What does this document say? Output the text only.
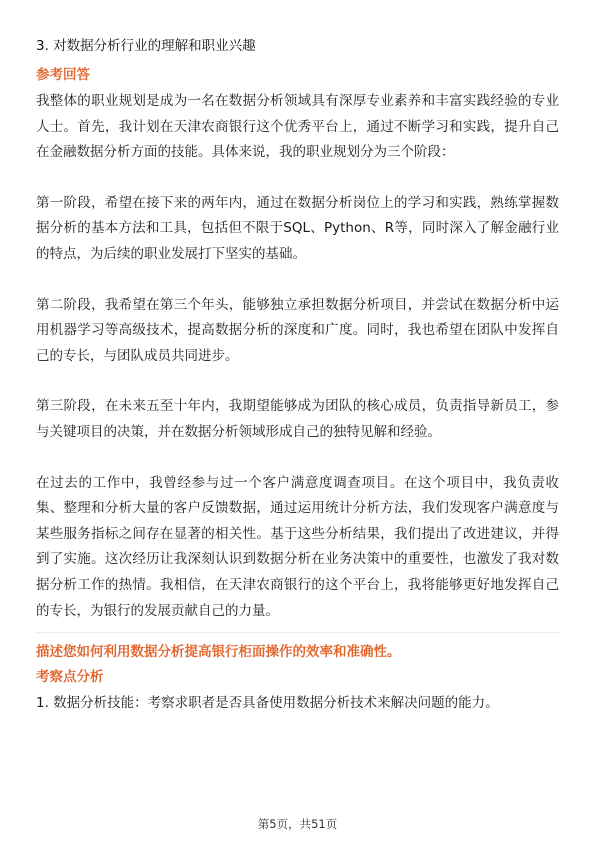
3. 对数据分析行业的理解和职业兴趣
参考回答

我整体的职业规划是成为一名在数据分析领域具有深厚专业素养和丰富实践经验的专业人士。首先，我计划在天津农商银行这个优秀平台上，通过不断学习和实践，提升自己在金融数据分析方面的技能。具体来说，我的职业规划分为三个阶段：

第一阶段，希望在接下来的两年内，通过在数据分析岗位上的学习和实践，熟练掌握数据分析的基本方法和工具，包括但不限于SQL、Python、R等，同时深入了解金融行业的特点，为后续的职业发展打下坚实的基础。

第二阶段，我希望在第三个年头，能够独立承担数据分析项目，并尝试在数据分析中运用机器学习等高级技术，提高数据分析的深度和广度。同时，我也希望在团队中发挥自己的专长，与团队成员共同进步。

第三阶段，在未来五至十年内，我期望能够成为团队的核心成员，负责指导新员工，参与关键项目的决策，并在数据分析领域形成自己的独特见解和经验。

在过去的工作中，我曾经参与过一个客户满意度调查项目。在这个项目中，我负责收集、整理和分析大量的客户反馈数据，通过运用统计分析方法，我们发现客户满意度与某些服务指标之间存在显著的相关性。基于这些分析结果，我们提出了改进建议，并得到了实施。这次经历让我深刻认识到数据分析在业务决策中的重要性，也激发了我对数据分析工作的热情。我相信，在天津农商银行的这个平台上，我将能够更好地发挥自己的专长，为银行的发展贡献自己的力量。

描述您如何利用数据分析提高银行柜面操作的效率和准确性。
考察点分析

1. 数据分析技能：考察求职者是否具备使用数据分析技术来解决问题的能力。

第5页，共51页
